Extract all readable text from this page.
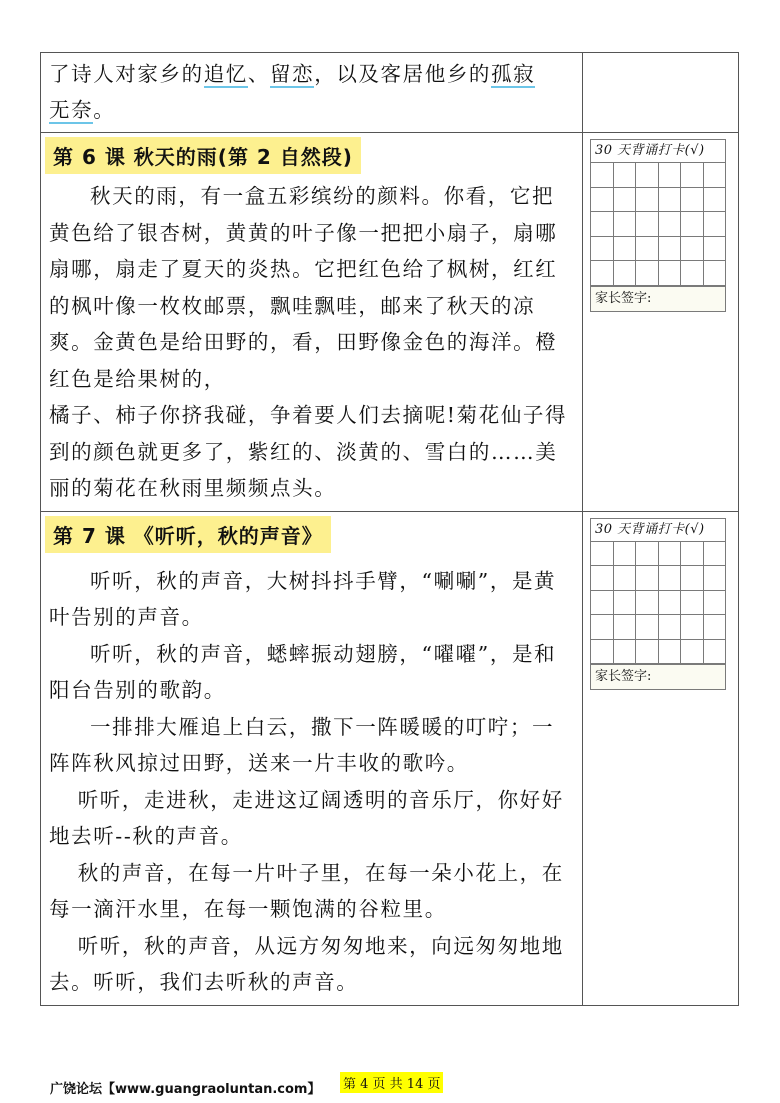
了诗人对家乡的追忆、留恋，以及客居他乡的孤寂
无奈。

第 6 课 秋天的雨(第 2 自然段)

秋天的雨，有一盒五彩缤纷的颜料。你看，它把黄色给了银杏树，黄黄的叶子像一把把小扇子，扇哪扇哪，扇走了夏天的炎热。它把红色给了枫树，红红的枫叶像一枚枚邮票，飘哇飘哇，邮来了秋天的凉爽。金黄色是给田野的，看，田野像金色的海洋。橙红色是给果树的，

橘子、柿子你挤我碰，争着要人们去摘呢!菊花仙子得到的颜色就更多了，紫红的、淡黄的、雪白的……美丽的菊花在秋雨里频频点头。

30 天背诵打卡(√)

家长签字:

第 7 课 《听听，秋的声音》

听听，秋的声音，大树抖抖手臂，“唰唰”，是黄叶告别的声音。

听听，秋的声音，蟋蟀振动翅膀，“嚁嚁”，是和阳台告别的歌韵。

一排排大雁追上白云，撒下一阵暖暖的叮咛；一阵阵秋风掠过田野，送来一片丰收的歌吟。

听听，走进秋，走进这辽阔透明的音乐厅，你好好地去听--秋的声音。

秋的声音，在每一片叶子里，在每一朵小花上，在每一滴汗水里，在每一颗饱满的谷粒里。

听听，秋的声音，从远方匆匆地来，向远匆匆地地去。听听，我们去听秋的声音。

30 天背诵打卡(√)

家长签字:
广饶论坛【www.guangraoluntan.com】 第 4 页 共 14 页
